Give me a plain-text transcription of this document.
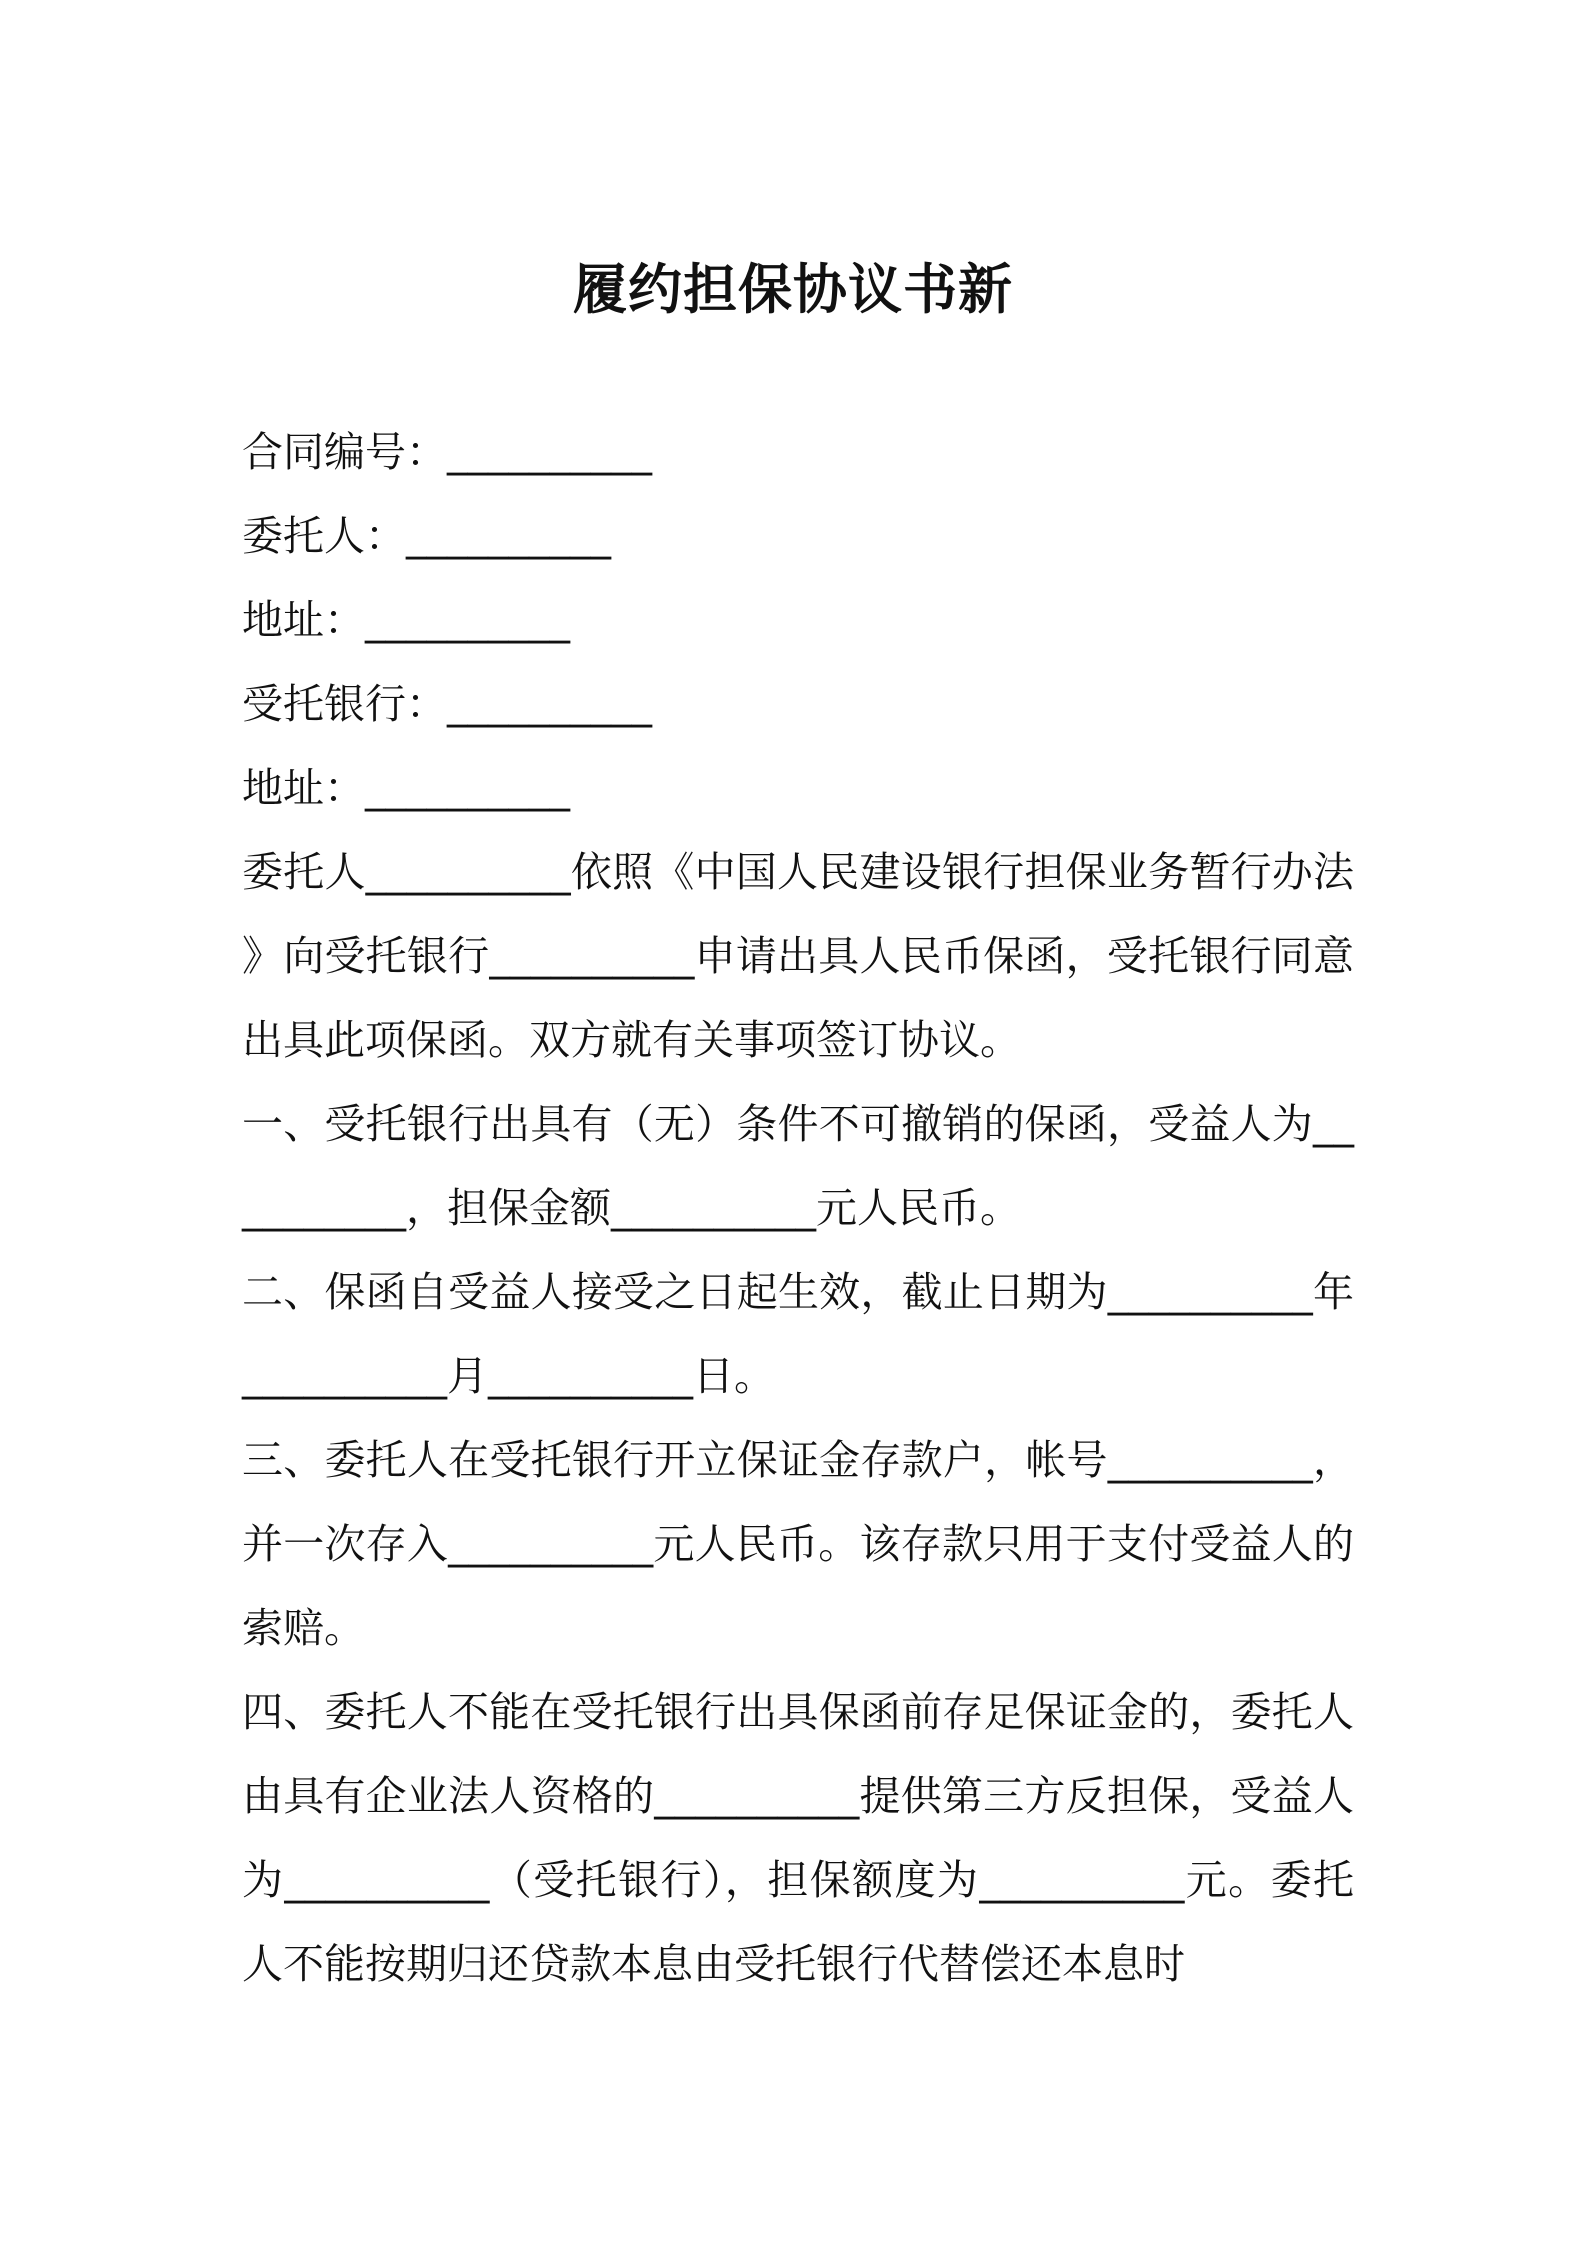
履约担保协议书新
合同编号：__________
委托人：__________
地址：__________
受托银行：__________
地址：__________
委托人__________依照《中国人民建设银行担保业务暂行办法》向受托银行__________申请出具人民币保函，受托银行同意出具此项保函。双方就有关事项签订协议。
一、受托银行出具有（无）条件不可撤销的保函，受益人为__________，担保金额__________元人民币。
二、保函自受益人接受之日起生效，截止日期为__________年__________月__________日。
三、委托人在受托银行开立保证金存款户，帐号__________，并一次存入__________元人民币。该存款只用于支付受益人的索赔。
四、委托人不能在受托银行出具保函前存足保证金的，委托人由具有企业法人资格的__________提供第三方反担保，受益人为__________（受托银行），担保额度为__________元。委托人不能按期归还贷款本息由受托银行代替偿还本息时
